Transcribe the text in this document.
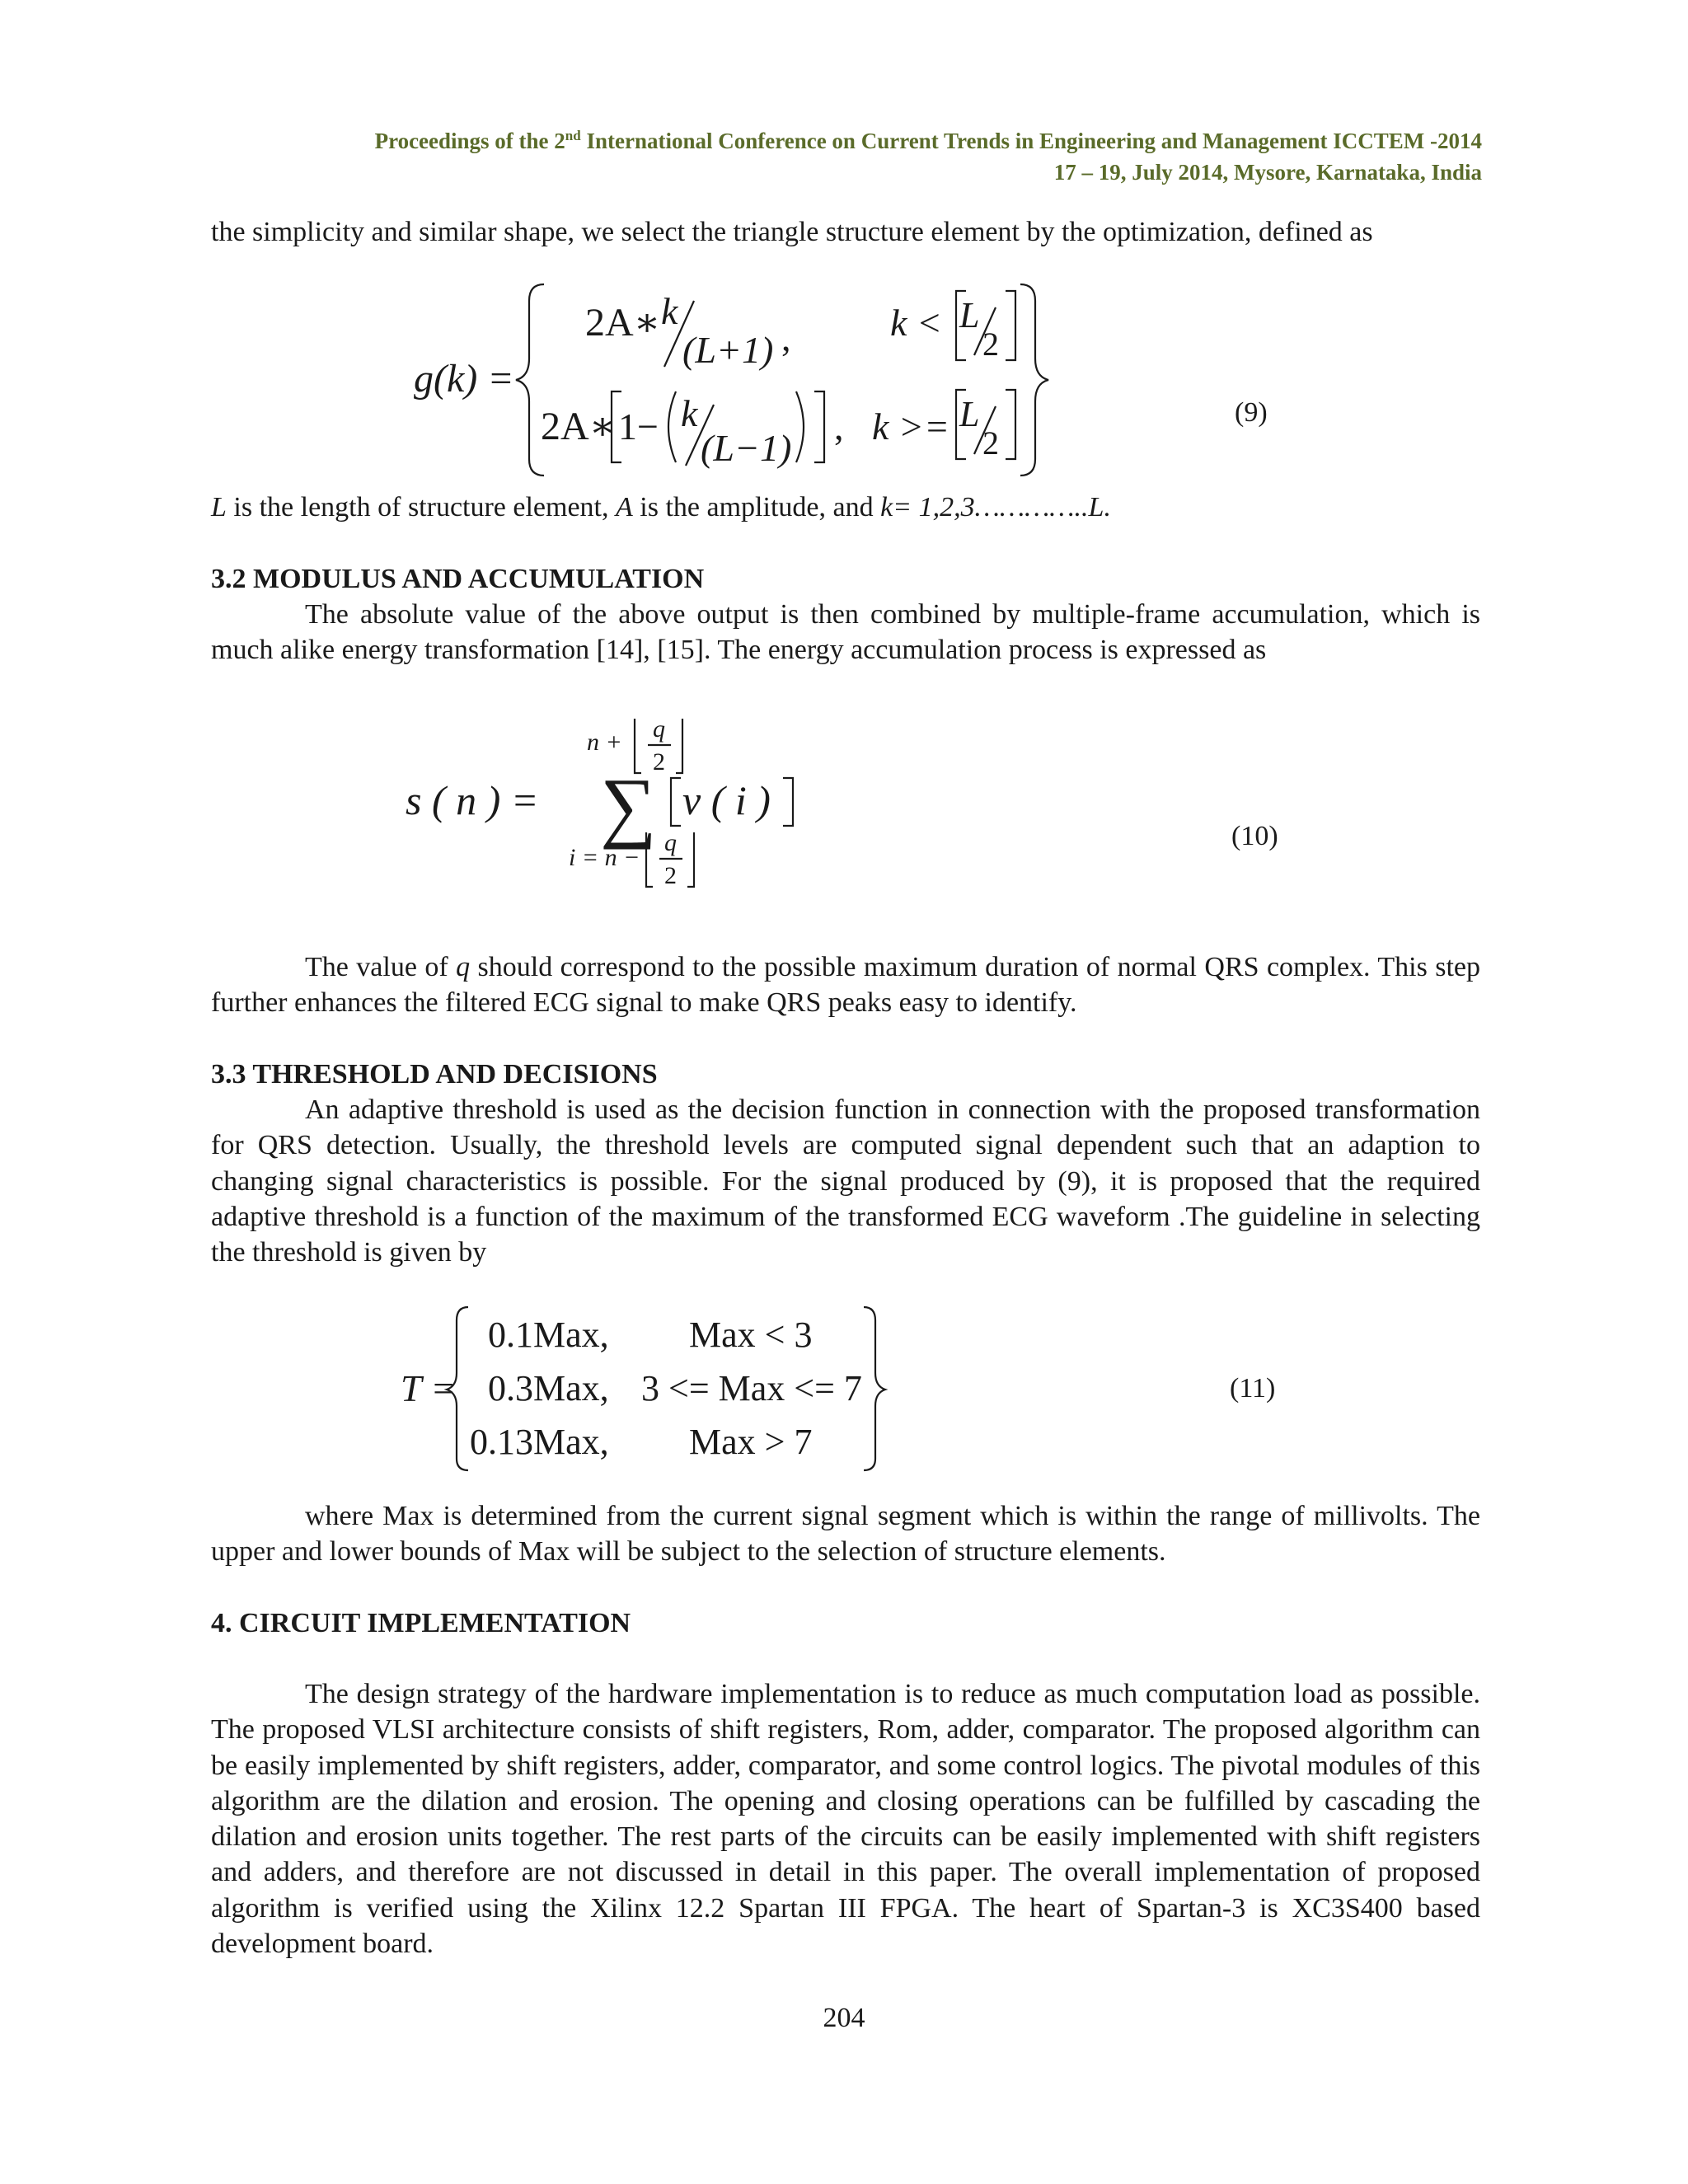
Proceedings of the 2nd International Conference on Current Trends in Engineering and Management ICCTEM -2014
17 – 19, July 2014, Mysore, Karnataka, India
the simplicity and similar shape, we select the triangle structure element by the optimization, defined as
g(k) =
2A∗ k
(L+1) ,	k < L
2
2A∗ 1− k
(L−1)
, k >= L
2
(9)
L is the length of structure element, A is the amplitude, and k= 1,2,3…………..L.
3.2 MODULUS AND ACCUMULATION
The absolute value of the above output is then combined by multiple-frame accumulation, which is much alike energy transformation [14], [15]. The energy accumulation process is expressed as
s ( n ) =
n + q
2
∑ v ( i )
i = n −
q
2
(10)
The value of q should correspond to the possible maximum duration of normal QRS complex. This step further enhances the filtered ECG signal to make QRS peaks easy to identify.
3.3 THRESHOLD AND DECISIONS
An adaptive threshold is used as the decision function in connection with the proposed transformation for QRS detection. Usually, the threshold levels are computed signal dependent such that an adaption to changing signal characteristics is possible. For the signal produced by (9), it is proposed that the required adaptive threshold is a function of the maximum of the transformed ECG waveform .The guideline in selecting the threshold is given by
T =
0.1Max, Max < 3
0.3Max, 3 <= Max <= 7
0.13Max, Max > 7
(11)
where Max is determined from the current signal segment which is within the range of millivolts. The upper and lower bounds of Max will be subject to the selection of structure elements.
4. CIRCUIT IMPLEMENTATION
The design strategy of the hardware implementation is to reduce as much computation load as possible. The proposed VLSI architecture consists of shift registers, Rom, adder, comparator. The proposed algorithm can be easily implemented by shift registers, adder, comparator, and some control logics. The pivotal modules of this algorithm are the dilation and erosion. The opening and closing operations can be fulfilled by cascading the dilation and erosion units together. The rest parts of the circuits can be easily implemented with shift registers and adders, and therefore are not discussed in detail in this paper. The overall implementation of proposed algorithm is verified using the Xilinx 12.2 Spartan III FPGA. The heart of Spartan-3 is XC3S400 based development board.
204
